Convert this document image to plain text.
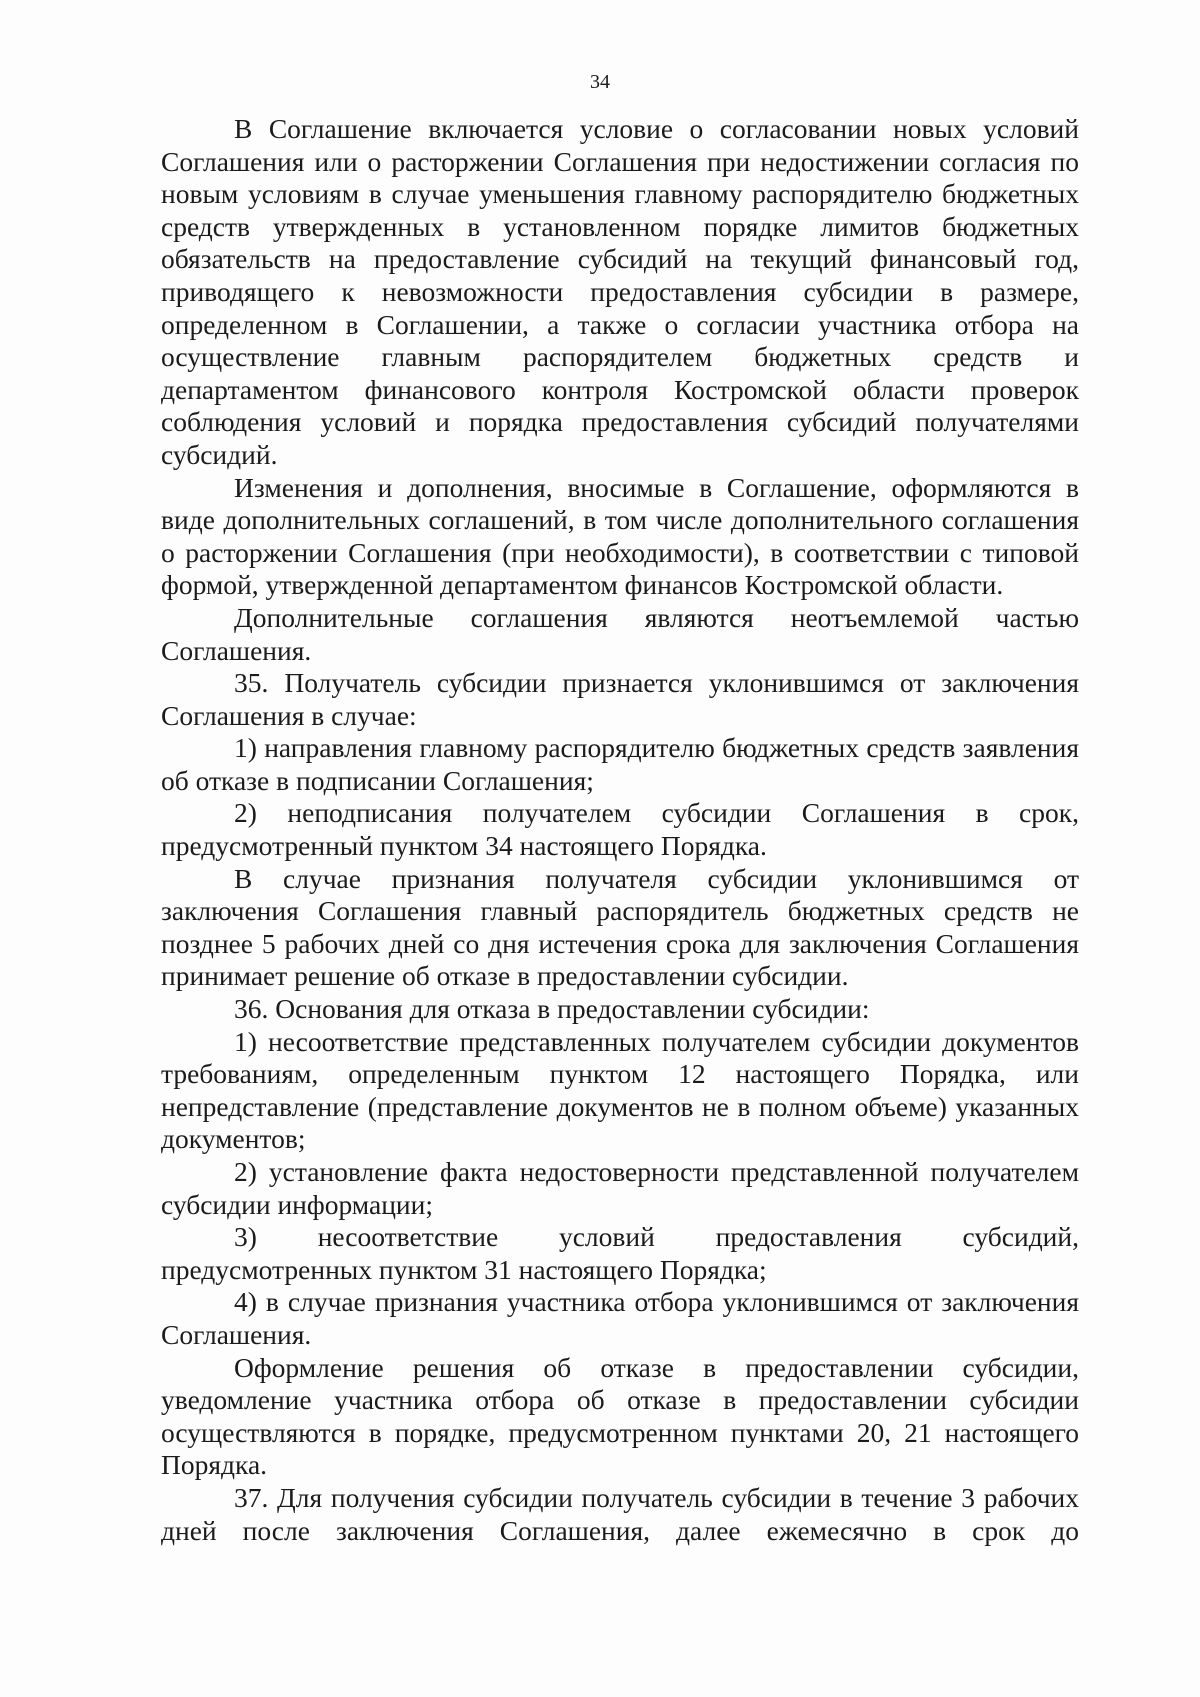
34

В Соглашение включается условие о согласовании новых условий Соглашения или о расторжении Соглашения при недостижении согласия по новым условиям в случае уменьшения главному распорядителю бюджетных средств утвержденных в установленном порядке лимитов бюджетных обязательств на предоставление субсидий на текущий финансовый год, приводящего к невозможности предоставления субсидии в размере, определенном в Соглашении, а также о согласии участника отбора на осуществление главным распорядителем бюджетных средств и департаментом финансового контроля Костромской области проверок соблюдения условий и порядка предоставления субсидий получателями субсидий.

Изменения и дополнения, вносимые в Соглашение, оформляются в виде дополнительных соглашений, в том числе дополнительного соглашения о расторжении Соглашения (при необходимости), в соответствии с типовой формой, утвержденной департаментом финансов Костромской области.

Дополнительные соглашения являются неотъемлемой частью Соглашения.

35. Получатель субсидии признается уклонившимся от заключения Соглашения в случае:

1) направления главному распорядителю бюджетных средств заявления об отказе в подписании Соглашения;

2) неподписания получателем субсидии Соглашения в срок, предусмотренный пунктом 34 настоящего Порядка.

В случае признания получателя субсидии уклонившимся от заключения Соглашения главный распорядитель бюджетных средств не позднее 5 рабочих дней со дня истечения срока для заключения Соглашения принимает решение об отказе в предоставлении субсидии.

36. Основания для отказа в предоставлении субсидии:

1) несоответствие представленных получателем субсидии документов требованиям, определенным пунктом 12 настоящего Порядка, или непредставление (представление документов не в полном объеме) указанных документов;

2) установление факта недостоверности представленной получателем субсидии информации;

3) несоответствие условий предоставления субсидий, предусмотренных пунктом 31 настоящего Порядка;

4) в случае признания участника отбора уклонившимся от заключения Соглашения.

Оформление решения об отказе в предоставлении субсидии, уведомление участника отбора об отказе в предоставлении субсидии осуществляются в порядке, предусмотренном пунктами 20, 21 настоящего Порядка.

37. Для получения субсидии получатель субсидии в течение 3 рабочих дней после заключения Соглашения, далее ежемесячно в срок до
